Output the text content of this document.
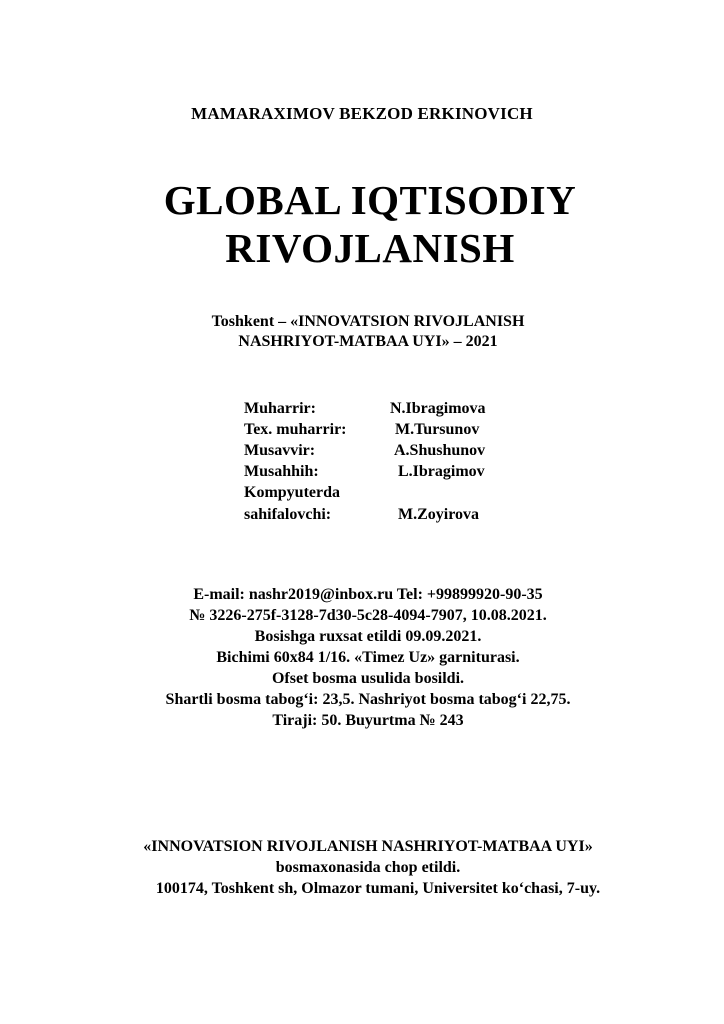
MAMARAXIMOV BEKZOD ERKINOVICH
GLOBAL IQTISODIY
RIVOJLANISH
Toshkent – «INNOVATSION RIVOJLANISH
NASHRIYOT-MATBAA UYI» – 2021
Muharrir:	N.Ibragimova
Tex. muharrir:	M.Tursunov
Musavvir:	A.Shushunov
Musahhih:	L.Ibragimov
Kompyuterda
sahifalovchi:	M.Zoyirova
E-mail: nashr2019@inbox.ru Tel: +99899920-90-35
№ 3226-275f-3128-7d30-5c28-4094-7907, 10.08.2021.
Bosishga ruxsat etildi 09.09.2021.
Bichimi 60x84 1/16. «Timez Uz» garniturasi.
Ofset bosma usulida bosildi.
Shartli bosma tabog‘i: 23,5. Nashriyot bosma tabog‘i 22,75.
Tiraji: 50. Buyurtma № 243
«INNOVATSION RIVOJLANISH NASHRIYOT-MATBAA UYI»
bosmaxonasida chop etildi.
100174, Toshkent sh, Olmazor tumani, Universitet ko‘chasi, 7-uy.
